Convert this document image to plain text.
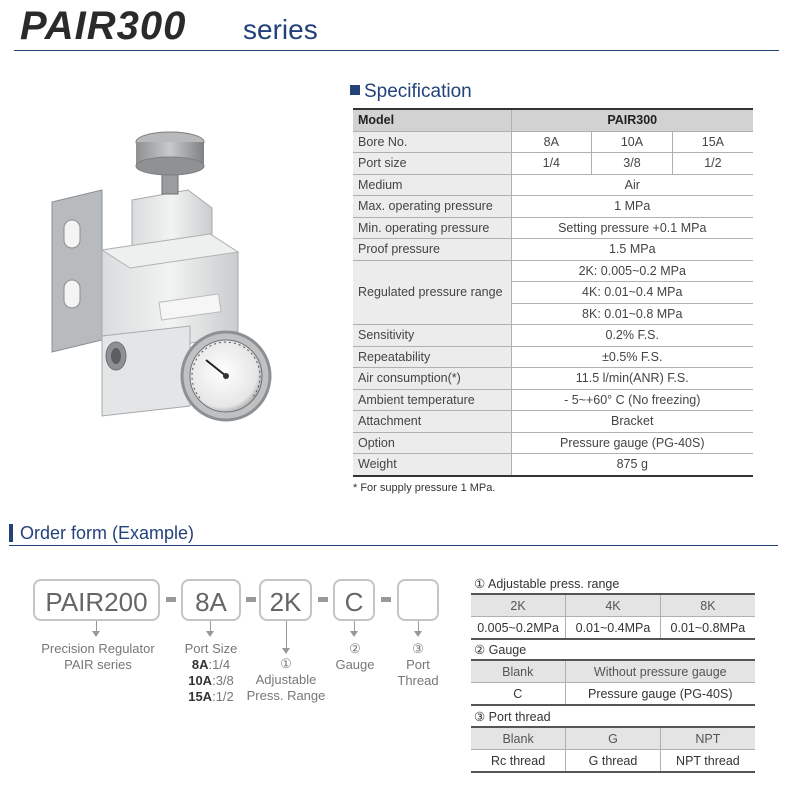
PAIR300 series
Specification
Model	PAIR300		
Bore No.	8A	10A	15A
Port size	1/4	3/8	1/2
Medium	Air		
Max. operating pressure	1 MPa		
Min. operating pressure	Setting pressure +0.1 MPa		
Proof pressure	1.5 MPa		
Regulated pressure range	2K: 0.005~0.2 MPa		
	4K: 0.01~0.4 MPa		
	8K: 0.01~0.8 MPa		
Sensitivity	0.2% F.S.		
Repeatability	±0.5% F.S.		
Air consumption(*)	11.5 l/min(ANR) F.S.		
Ambient temperature	- 5~+60° C (No freezing)		
Attachment	Bracket		
Option	Pressure gauge (PG-40S)		
Weight	875 g		
* For supply pressure 1 MPa.
Order form (Example)
PAIR200	8A	2K	C
Precision Regulator
PAIR series
Port Size
8A:1/4
10A:3/8
15A:1/2
①
Adjustable
Press. Range
②
Gauge
③
Port
Thread
① Adjustable press. range
2K	4K	8K
0.005~0.2MPa	0.01~0.4MPa	0.01~0.8MPa
② Gauge
Blank	Without pressure gauge
C	Pressure gauge (PG-40S)
③ Port thread
Blank	G	NPT
Rc thread	G thread	NPT thread
